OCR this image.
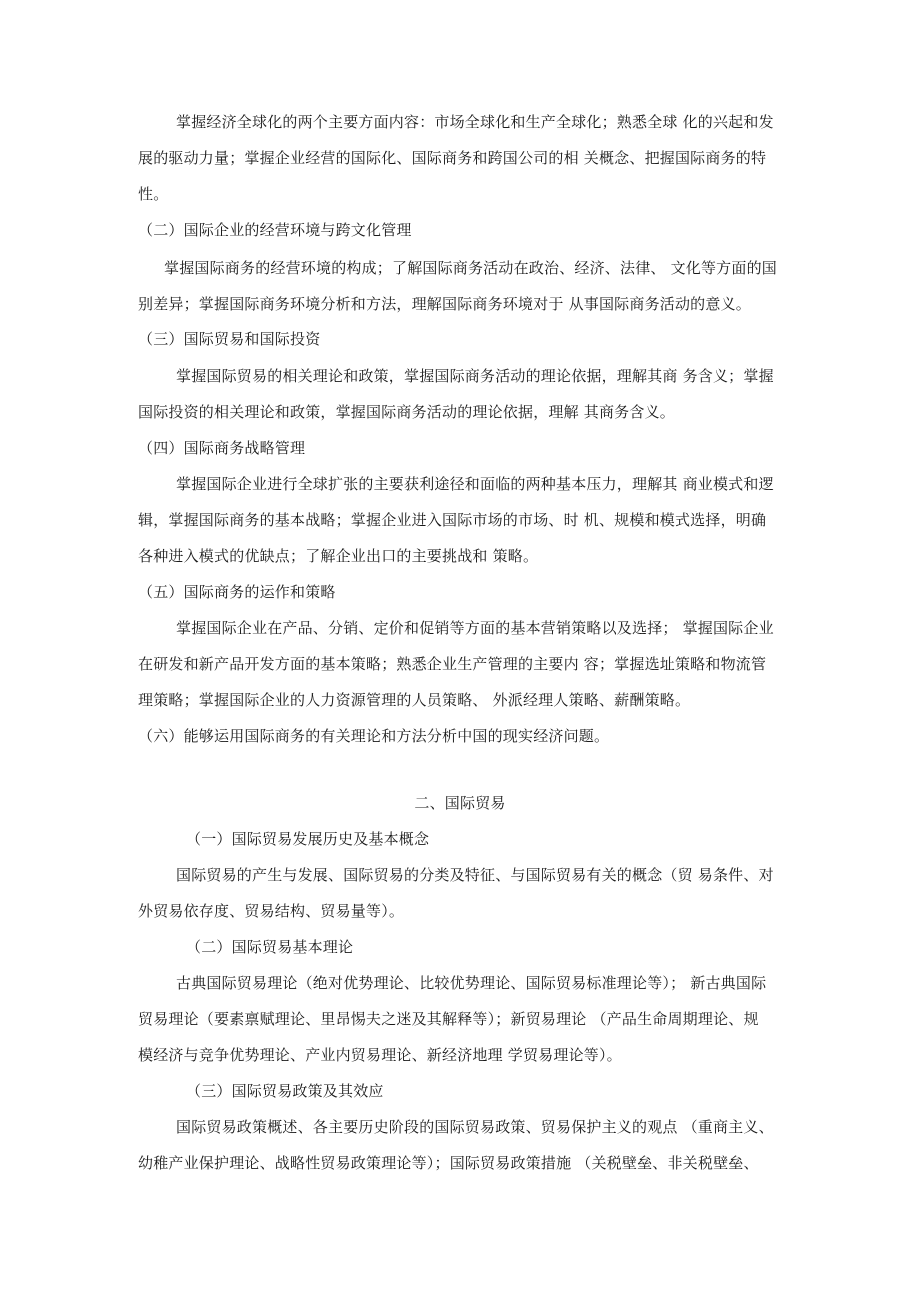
掌握经济全球化的两个主要方面内容：市场全球化和生产全球化；熟悉全球 化的兴起和发
展的驱动力量；掌握企业经营的国际化、国际商务和跨国公司的相 关概念、把握国际商务的特
性。
（二）国际企业的经营环境与跨文化管理
掌握国际商务的经营环境的构成；了解国际商务活动在政治、经济、法律、 文化等方面的国
别差异；掌握国际商务环境分析和方法，理解国际商务环境对于 从事国际商务活动的意义。
（三）国际贸易和国际投资
掌握国际贸易的相关理论和政策，掌握国际商务活动的理论依据，理解其商 务含义；掌握
国际投资的相关理论和政策，掌握国际商务活动的理论依据，理解 其商务含义。
（四）国际商务战略管理
掌握国际企业进行全球扩张的主要获利途径和面临的两种基本压力，理解其 商业模式和逻
辑，掌握国际商务的基本战略；掌握企业进入国际市场的市场、时 机、规模和模式选择，明确
各种进入模式的优缺点；了解企业出口的主要挑战和 策略。
（五）国际商务的运作和策略
掌握国际企业在产品、分销、定价和促销等方面的基本营销策略以及选择； 掌握国际企业
在研发和新产品开发方面的基本策略；熟悉企业生产管理的主要内 容；掌握选址策略和物流管
理策略；掌握国际企业的人力资源管理的人员策略、 外派经理人策略、薪酬策略。
（六）能够运用国际商务的有关理论和方法分析中国的现实经济问题。
二、国际贸易
（一）国际贸易发展历史及基本概念
国际贸易的产生与发展、国际贸易的分类及特征、与国际贸易有关的概念（贸 易条件、对
外贸易依存度、贸易结构、贸易量等）。
（二）国际贸易基本理论
古典国际贸易理论（绝对优势理论、比较优势理论、国际贸易标准理论等）； 新古典国际
贸易理论（要素禀赋理论、里昂惕夫之迷及其解释等）；新贸易理论 （产品生命周期理论、规
模经济与竞争优势理论、产业内贸易理论、新经济地理 学贸易理论等）。
（三）国际贸易政策及其效应
国际贸易政策概述、各主要历史阶段的国际贸易政策、贸易保护主义的观点 （重商主义、
幼稚产业保护理论、战略性贸易政策理论等）；国际贸易政策措施 （关税壁垒、非关税壁垒、
